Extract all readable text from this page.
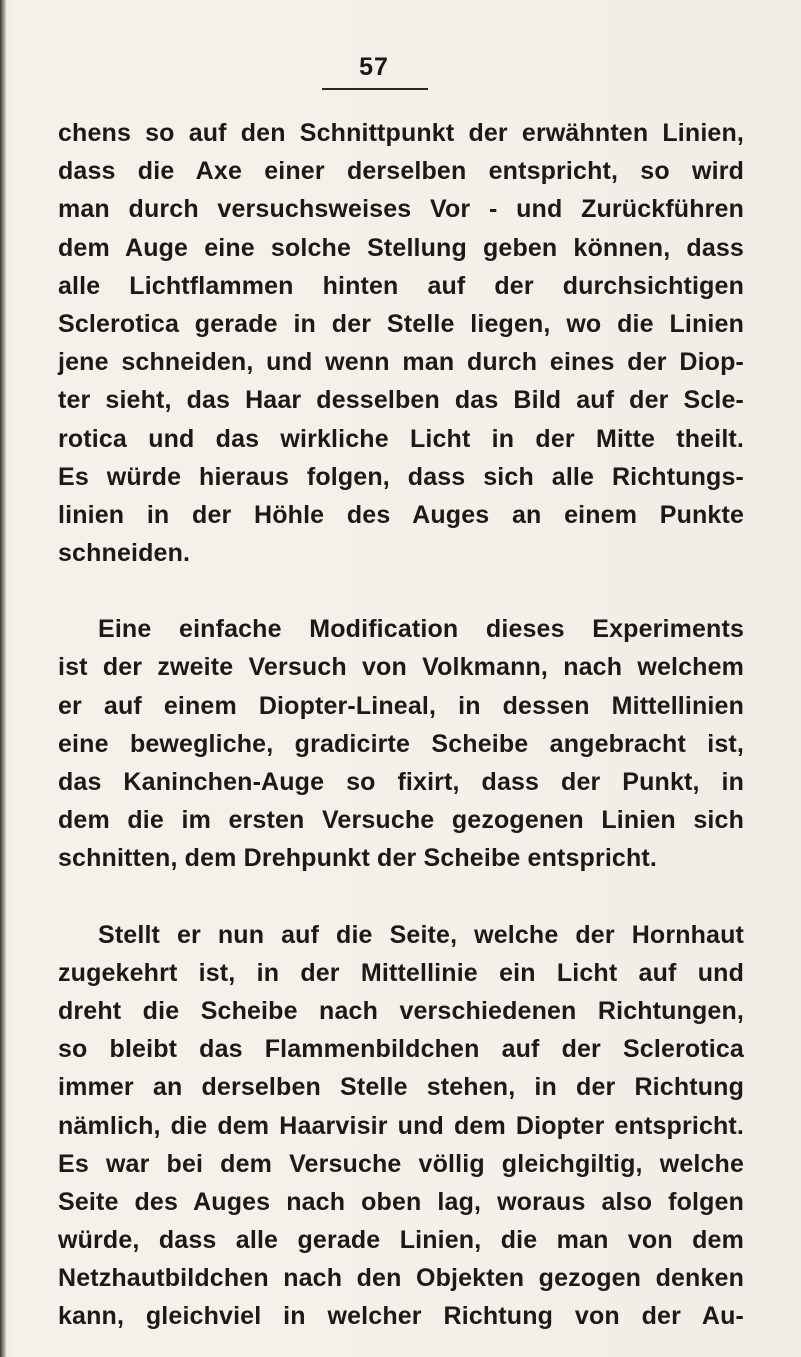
57

chens so auf den Schnittpunkt der erwähnten Linien,
dass die Axe einer derselben entspricht, so wird
man durch versuchsweises Vor - und Zurückführen
dem Auge eine solche Stellung geben können, dass
alle Lichtflammen hinten auf der durchsichtigen
Sclerotica gerade in der Stelle liegen, wo die Linien
jene schneiden, und wenn man durch eines der Diop-
ter sieht, das Haar desselben das Bild auf der Scle-
rotica und das wirkliche Licht in der Mitte theilt.
Es würde hieraus folgen, dass sich alle Richtungs-
linien in der Höhle des Auges an einem Punkte
schneiden.

Eine einfache Modification dieses Experiments
ist der zweite Versuch von Volkmann, nach welchem
er auf einem Diopter-Lineal, in dessen Mittellinien
eine bewegliche, gradicirte Scheibe angebracht ist,
das Kaninchen-Auge so fixirt, dass der Punkt, in
dem die im ersten Versuche gezogenen Linien sich
schnitten, dem Drehpunkt der Scheibe entspricht.

Stellt er nun auf die Seite, welche der Hornhaut
zugekehrt ist, in der Mittellinie ein Licht auf und
dreht die Scheibe nach verschiedenen Richtungen,
so bleibt das Flammenbildchen auf der Sclerotica
immer an derselben Stelle stehen, in der Richtung
nämlich, die dem Haarvisir und dem Diopter entspricht.
Es war bei dem Versuche völlig gleichgiltig, welche
Seite des Auges nach oben lag, woraus also folgen
würde, dass alle gerade Linien, die man von dem
Netzhautbildchen nach den Objekten gezogen denken
kann, gleichviel in welcher Richtung von der Au-
